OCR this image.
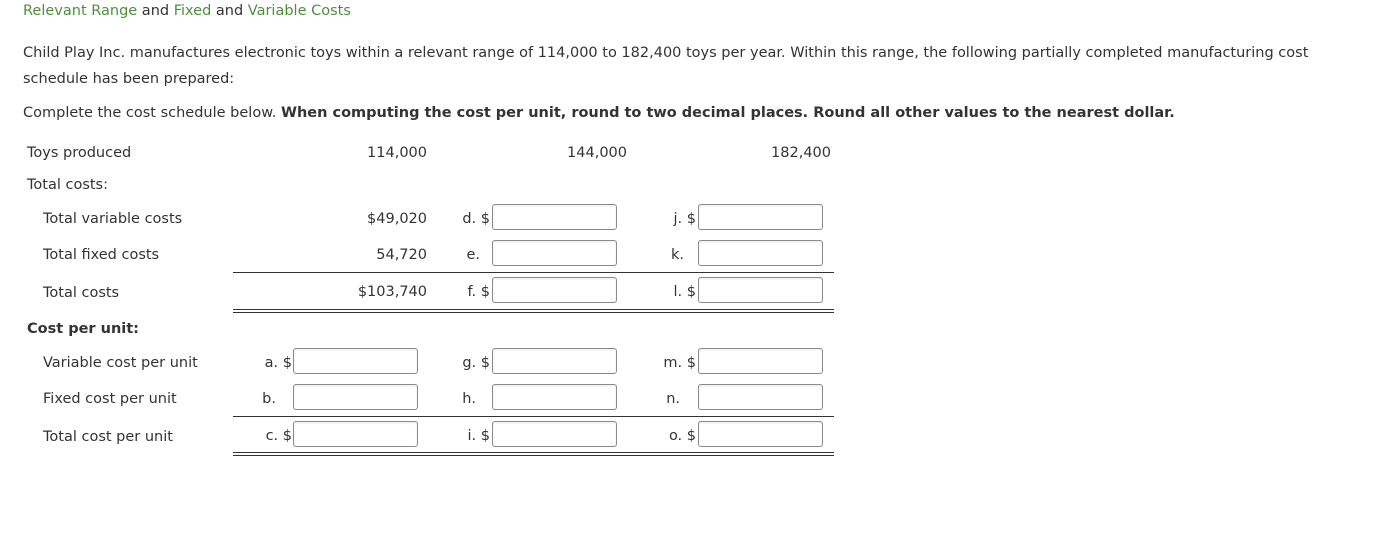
Relevant Range and Fixed and Variable Costs
Child Play Inc. manufactures electronic toys within a relevant range of 114,000 to 182,400 toys per year. Within this range, the following partially completed manufacturing cost schedule has been prepared:
Complete the cost schedule below. When computing the cost per unit, round to two decimal places. Round all other values to the nearest dollar.
Toys produced	114,000	144,000	182,400
Total costs:
Total variable costs	$49,020	d. $	j. $
Total fixed costs	54,720	e.	k.
Total costs	$103,740	f. $	l. $
Cost per unit:
Variable cost per unit	a. $	g. $	m. $
Fixed cost per unit	b.	h.	n.
Total cost per unit	c. $	i. $	o. $
